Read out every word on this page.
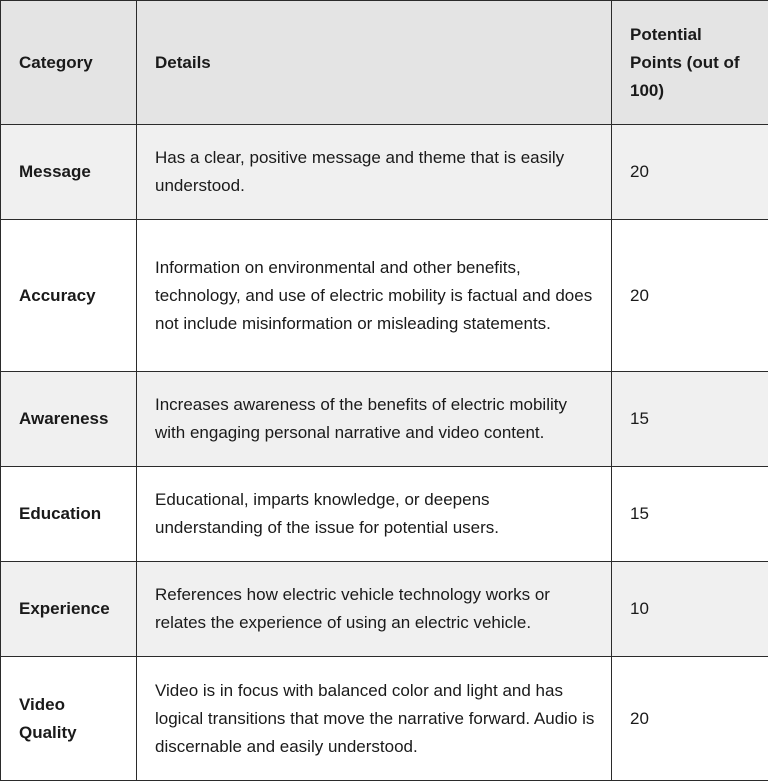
Category	Details	Potential Points (out of 100)
Message	Has a clear, positive message and theme that is easily understood.	20
Accuracy	Information on environmental and other benefits, technology, and use of electric mobility is factual and does not include misinformation or misleading statements.	20
Awareness	Increases awareness of the benefits of electric mobility with engaging personal narrative and video content.	15
Education	Educational, imparts knowledge, or deepens understanding of the issue for potential users.	15
Experience	References how electric vehicle technology works or relates the experience of using an electric vehicle.	10
Video Quality	Video is in focus with balanced color and light and has logical transitions that move the narrative forward. Audio is discernable and easily understood.	20
